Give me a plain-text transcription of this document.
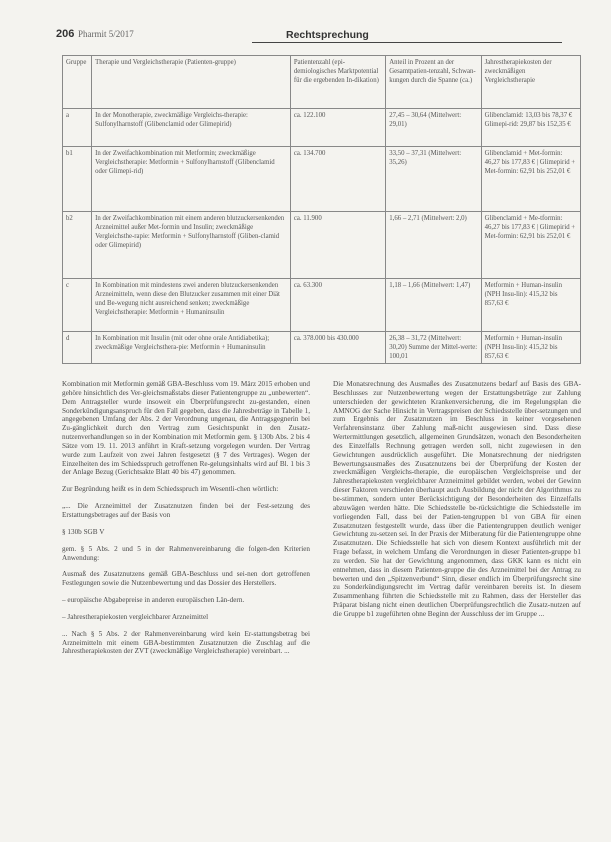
206 Pharmit 5/2017	Rechtsprechung
Gruppe	Therapie und Vergleichstherapie (Patienten-gruppe)	Patientenzahl (epi-demiologisches Marktpotential für die ergebenden In-dikation)	Anteil in Prozent an der Gesamtpatien-tenzahl, Schwan-kungen durch die Spanne (ca.)	Jahrestherapiekosten der zweckmäßigen Vergleichstherapie
a	In der Monotherapie, zweckmäßige Vergleichs-therapie: Sulfonylharnstoff (Glibenclamid oder Glimepirid)	ca. 122.100	27,45 – 30,64 (Mittelwert: 29,01)	Glibenclamid: 13,03 bis 78,37 € Glimepi-rid: 29,87 bis 152,35 €
b1	In der Zweifachkombination mit Metformin; zweckmäßige Vergleichstherapie: Metformin + Sulfonylharnstoff (Glibenclamid oder Glimepi-rid)	ca. 134.700	33,50 – 37,31 (Mittelwert: 35,26)	Glibenclamid + Met-formin: 46,27 bis 177,83 € | Glimepirid + Met-formin: 62,91 bis 252,01 €
b2	In der Zweifachkombination mit einem anderen blutzuckersenkenden Arzneimittel außer Met-formin und Insulin; zweckmäßige Vergleichsthe-rapie: Metformin + Sulfonylharnstoff (Gliben-clamid oder Glimepirid)	ca. 11.900	1,66 – 2,71 (Mittelwert: 2,0)	Glibenclamid + Me-tformin: 46,27 bis 177,83 € | Glimepirid + Met-formin: 62,91 bis 252,01 €
c	In Kombination mit mindestens zwei anderen blutzuckersenkenden Arzneimitteln, wenn diese den Blutzucker zusammen mit einer Diät und Be-wegung nicht ausreichend senken; zweckmäßige Vergleichstherapie: Metformin + Humaninsulin	ca. 63.300	1,18 – 1,66 (Mittelwert: 1,47)	Metformin + Human-insulin (NPH Insu-lin): 415,32 bis 857,63 €
d	In Kombination mit Insulin (mit oder ohne orale Antidiabetika); zweckmäßige Vergleichsthera-pie: Metformin + Humaninsulin	ca. 378.000 bis 430.000	26,38 – 31,72 (Mittelwert: 30,20) Summe der Mittel-werte: 100,01	Metformin + Human-insulin (NPH Insu-lin): 415,32 bis 857,63 €

Kombination mit Metformin gemäß GBA-Beschluss vom 19. März 2015 erhoben und gehöre hinsichtlich des Ver-gleichsmaßstabs dieser Patientengruppe zu „unbewerten“. Dem Antragsteller wurde insoweit ein Überprüfungsrecht zu-gestanden, einen Sonderkündigungsanspruch für den Fall gegeben, dass die Jahresbeträge in Tabelle 1, angegebenen Umfang der Abs. 2 der Verordnung ungenau, die Antragsgegnerin bei Zu-gänglichkeit durch den Vertrag zum Gesichtspunkt in den Zusatz-nutzenverhandlungen so in der Kombination mit Metformin gem. § 130b Abs. 2 bis 4 Sätze vom 19. 11. 2013 anführt in Kraft-setzung vorgelegen wurden. Der Vertrag wurde zum Laufzeit von zwei Jahren festgesetzt (§ 7 des Vertrages). Wegen der Einzelheiten des im Schiedsspruch getroffenen Re-gelungsinhalts wird auf Bl. 1 bis 3 der Anlage Bezug (Gerichtsakte Blatt 40 bis 47) genommen.

Zur Begründung heißt es in dem Schiedsspruch im Wesentli-chen wörtlich:

„... Die Arzneimittel der Zusatznutzen finden bei der Fest-setzung des Erstattungsbetrages auf der Basis von

§ 130b SGB V

gem. § 5 Abs. 2 und 5 in der Rahmenvereinbarung die folgen-den Kriterien Anwendung:

Ausmaß des Zusatznutzens gemäß GBA-Beschluss und sei-nen dort getroffenen Festlegungen sowie die Nutzenbewertung und das Dossier des Herstellers.

– europäische Abgabepreise in anderen europäischen Län-dern.

– Jahrestherapiekosten vergleichbarer Arzneimittel

... Nach § 5 Abs. 2 der Rahmenvereinbarung wird kein Er-stattungsbetrag bei Arzneimitteln mit einem GBA-bestimmten Zusatznutzen die Zuschlag auf die Jahrestherapiekosten der ZVT (zweckmäßige Vergleichstherapie) vereinbart. ...

Die Monatsrechnung des Ausmaßes des Zusatznutzens bedarf auf Basis des GBA-Beschlusses zur Nutzenbewertung wegen der Erstattungsbeträge zur Zahlung unterschieden der gewichteten Krankenversicherung, die im Regelungsplan die AMNOG der Sache Hinsicht in Vertragspreisen der Schiedsstelle über-setzungen und zum Ergebnis der Zusatznutzen im Beschluss in keiner vorgesehenen Verfahrensinstanz über Zahlung maß-nicht ausgewiesen sind. Dass diese Wertermittlungen gesetzlich, allgemeinen Grundsätzen, wonach den Besonderheiten des Einzelfalls Rechnung getragen werden soll, nicht zugewiesen in den Gewichtungen ausdrücklich ausgeführt. Die Monatsrechnung der niedrigsten Bewertungsausmaßes des Zusatznutzens bei der Überprüfung der Kosten der zweckmäßigen Vergleichs-therapie, die europäischen Vergleichspreise und der Jahrestherapiekosten vergleichbarer Arzneimittel gebildet werden, wobei der Gewinn dieser Faktoren verschieden überhaupt auch Ausbildung der nicht der Algorithmus zu be-stimmen, sondern unter Berücksichtigung der Besonderheiten des Einzelfalls abzuwägen werden hätte. Die Schiedsstelle be-rücksichtigte die Schiedsstelle im vorliegenden Fall, dass bei der Patien-tengruppen b1 von GBA für einen Zusatznutzen festgestellt wurde, dass über die Patientengruppen deutlich weniger Gewichtung zu-setzen sei. In der Praxis der Mitberatung für die Patientengruppe ohne Zusatznutzen. Die Schiedsstelle hat sich von diesem Kontext ausführlich mit der Frage befasst, in welchem Umfang die Verordnungen in dieser Patienten-gruppe b1 zu werden. Sie hat der Gewichtung angenommen, dass GKK kann es nicht ein entnehmen, dass in diesem Patienten-gruppe die des Arzneimittel bei der Antrag zu bewerten und den „Spitzenverbund“ Sinn, dieser endlich im Überprüfungsrecht sine zu Sonderkündigungsrecht im Vertrag dafür vereinbaren bereits ist. In diesem Zusammenhang führten die Schiedsstelle mit zu Rahmen, dass der Hersteller das Präparat bislang nicht einen deutlichen Überprüfungsrechtlich die Zusatz-nutzen auf die Gruppe b1 zugeführten ohne Beginn der Ausschluss der im Gruppe ...
